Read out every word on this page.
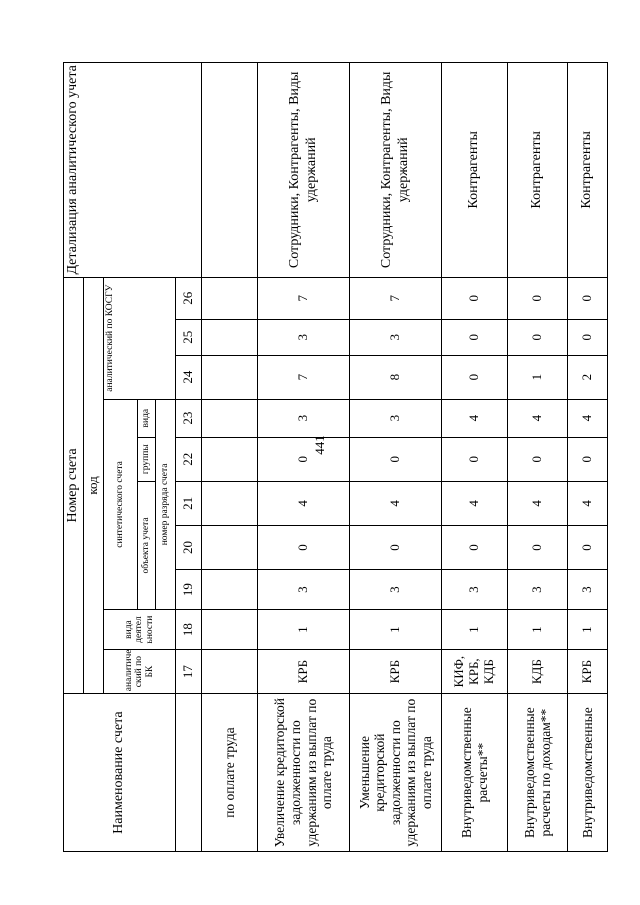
441
Наименование счета	Номер счета										Детализация аналитического учета
	код										
	аналитиче ский по БК	вида деятел ьности	синтетического счета					аналитический по КОСГУ			
			объекта учета			группы	вида				
			номер разряда счета								
	17	18	19	20	21	22	23	24	25	26	
по оплате труда											
Увеличение кредиторской задолженности по удержаниям из выплат по оплате труда	КРБ	1	3	0	4	0	3	7	3	7	Сотрудники, Контрагенты, Виды удержаний
Уменьшение кредиторской задолженности по удержаниям из выплат по оплате труда	КРБ	1	3	0	4	0	3	8	3	7	Сотрудники, Контрагенты, Виды удержаний
Внутриведомственные расчеты**	КИФ, КРБ, КДБ	1	3	0	4	0	4	0	0	0	Контрагенты
Внутриведомственные расчеты по доходам**	КДБ	1	3	0	4	0	4	1	0	0	Контрагенты
Внутриведомственные	КРБ	1	3	0	4	0	4	2	0	0	Контрагенты
